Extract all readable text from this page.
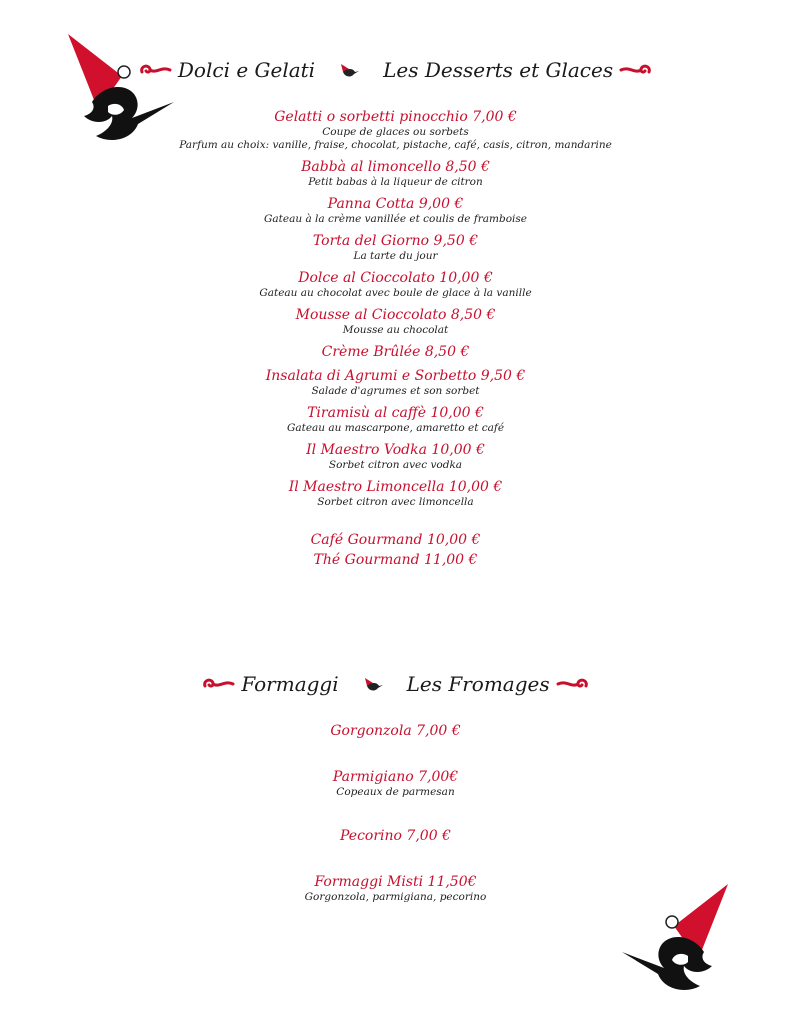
Dolci e Gelati	Les Desserts et Glaces
Gelatti o sorbetti pinocchio 7,00 €
Coupe de glaces ou sorbets
Parfum au choix: vanille, fraise, chocolat, pistache, café, casis, citron, mandarine
Babbà al limoncello 8,50 €
Petit babas à la liqueur de citron
Panna Cotta 9,00 €
Gateau à la crème vanillée et coulis de framboise
Torta del Giorno 9,50 €
La tarte du jour
Dolce al Cioccolato 10,00 €
Gateau au chocolat avec boule de glace à la vanille
Mousse al Cioccolato 8,50 €
Mousse au chocolat
Crème Brûlée 8,50 €
Insalata di Agrumi e Sorbetto 9,50 €
Salade d'agrumes et son sorbet
Tiramisù al caffè 10,00 €
Gateau au mascarpone, amaretto et café
Il Maestro Vodka 10,00 €
Sorbet citron avec vodka
Il Maestro Limoncella 10,00 €
Sorbet citron avec limoncella
Café Gourmand 10,00 €
Thé Gourmand 11,00 €
Formaggi	Les Fromages
Gorgonzola 7,00 €
Parmigiano 7,00€
Copeaux de parmesan
Pecorino 7,00 €
Formaggi Misti 11,50€
Gorgonzola, parmigiana, pecorino
